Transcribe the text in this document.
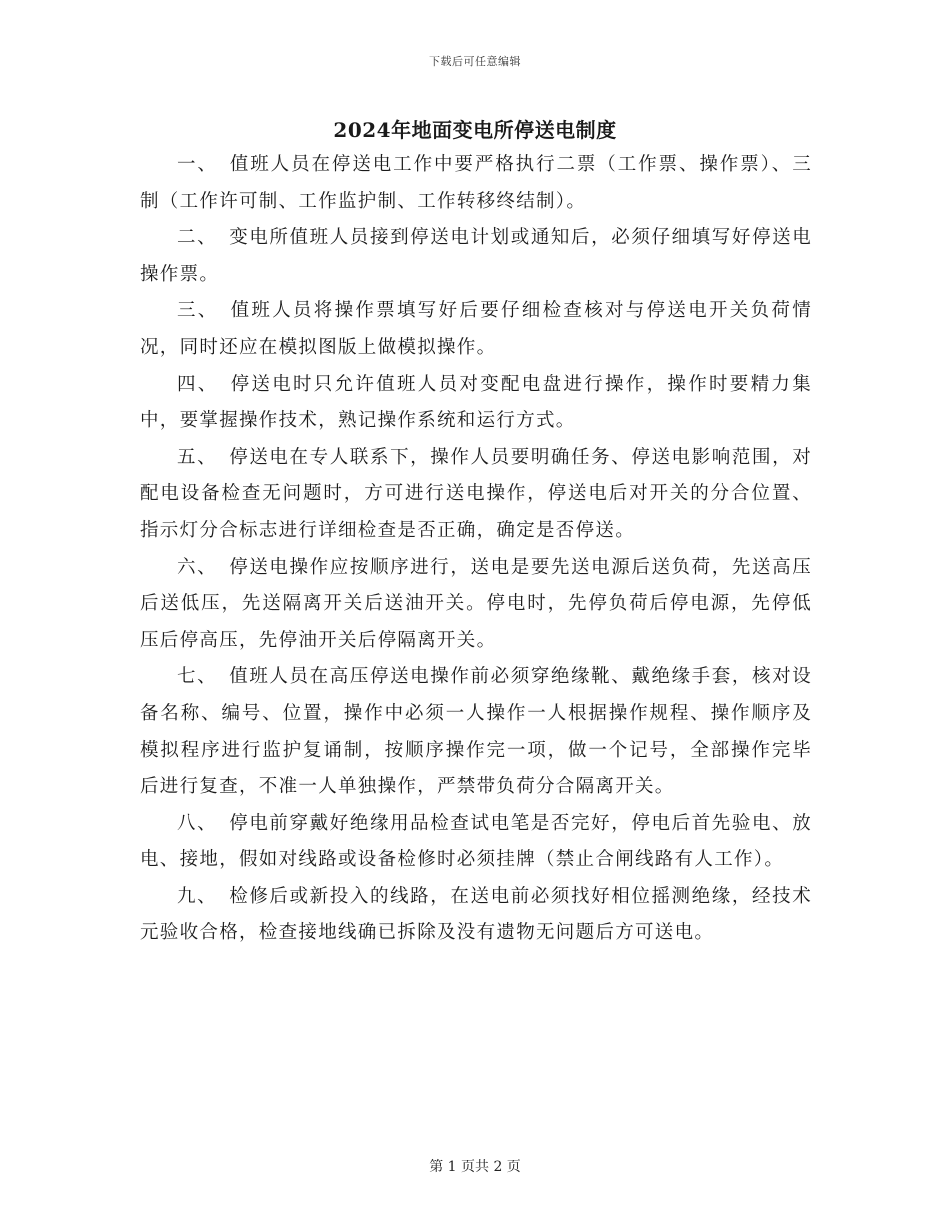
下载后可任意编辑
2024年地面变电所停送电制度

一、 值班人员在停送电工作中要严格执行二票（工作票、操作票）、三制（工作许可制、工作监护制、工作转移终结制）。

二、 变电所值班人员接到停送电计划或通知后，必须仔细填写好停送电操作票。

三、 值班人员将操作票填写好后要仔细检查核对与停送电开关负荷情况，同时还应在模拟图版上做模拟操作。

四、 停送电时只允许值班人员对变配电盘进行操作，操作时要精力集中，要掌握操作技术，熟记操作系统和运行方式。

五、 停送电在专人联系下，操作人员要明确任务、停送电影响范围，对配电设备检查无问题时，方可进行送电操作，停送电后对开关的分合位置、指示灯分合标志进行详细检查是否正确，确定是否停送。

六、 停送电操作应按顺序进行，送电是要先送电源后送负荷，先送高压后送低压，先送隔离开关后送油开关。停电时，先停负荷后停电源，先停低压后停高压，先停油开关后停隔离开关。

七、 值班人员在高压停送电操作前必须穿绝缘靴、戴绝缘手套，核对设备名称、编号、位置，操作中必须一人操作一人根据操作规程、操作顺序及模拟程序进行监护复诵制，按顺序操作完一项，做一个记号，全部操作完毕后进行复查，不准一人单独操作，严禁带负荷分合隔离开关。

八、 停电前穿戴好绝缘用品检查试电笔是否完好，停电后首先验电、放电、接地，假如对线路或设备检修时必须挂牌（禁止合闸线路有人工作）。

九、 检修后或新投入的线路，在送电前必须找好相位摇测绝缘，经技术元验收合格，检查接地线确已拆除及没有遗物无问题后方可送电。

第 1 页共 2 页
